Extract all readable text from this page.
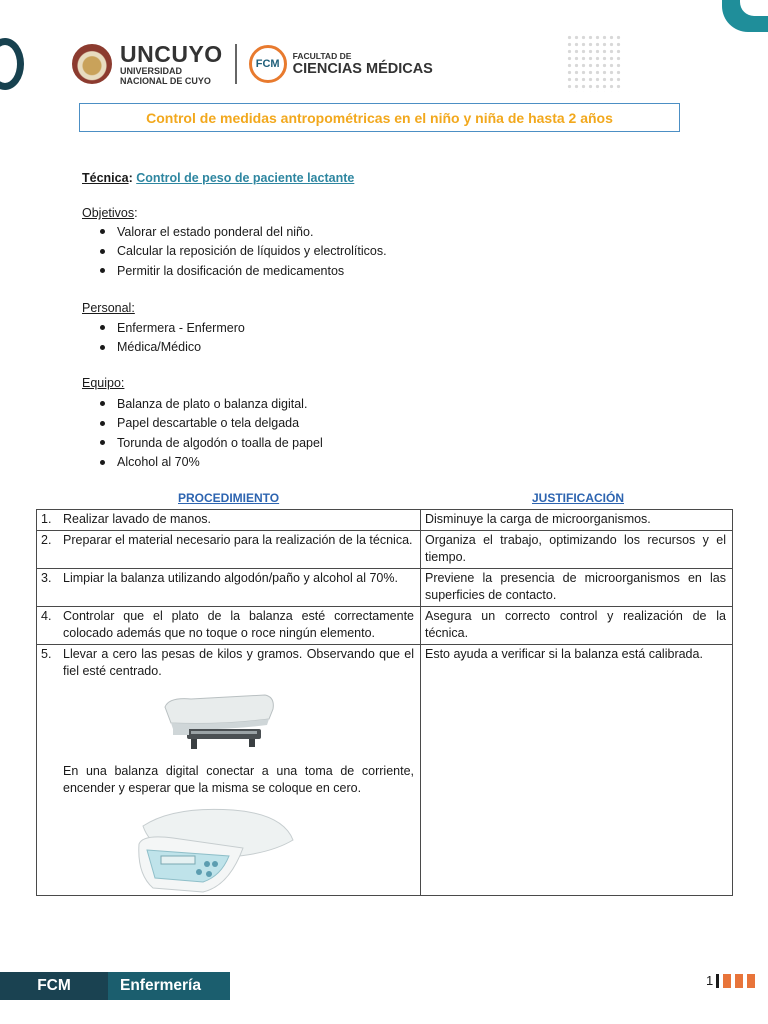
UNCUYO
UNIVERSIDAD
NACIONAL DE CUYO
FCM
FACULTAD DE
CIENCIAS MÉDICAS
Control de medidas antropométricas en el niño y niña de hasta 2 años
Técnica: Control de peso de paciente lactante
Objetivos:
Valorar el estado ponderal del niño.
Calcular la reposición de líquidos y electrolíticos.
Permitir la dosificación de medicamentos
Personal:
Enfermera - Enfermero
Médica/Médico
Equipo:
Balanza de plato o balanza digital.
Papel descartable o tela delgada
Torunda de algodón o toalla de papel
Alcohol al 70%
PROCEDIMIENTO	JUSTIFICACIÓN
1. Realizar lavado de manos.	Disminuye la carga de microorganismos.

2. Preparar el material necesario para la realización de la técnica.	Organiza el trabajo, optimizando los recursos y el tiempo.

3. Limpiar la balanza utilizando algodón/paño y alcohol al 70%.	Previene la presencia de microorganismos en las superficies de contacto.

4. Controlar que el plato de la balanza esté correctamente colocado además que no toque o roce ningún elemento.	Asegura un correcto control y realización de la técnica.

5. Llevar a cero las pesas de kilos y gramos. Observando que el fiel esté centrado.
En una balanza digital conectar a una toma de corriente, encender y esperar que la misma se coloque en cero.	Esto ayuda a verificar si la balanza está calibrada.
FCM	Enfermería	1
